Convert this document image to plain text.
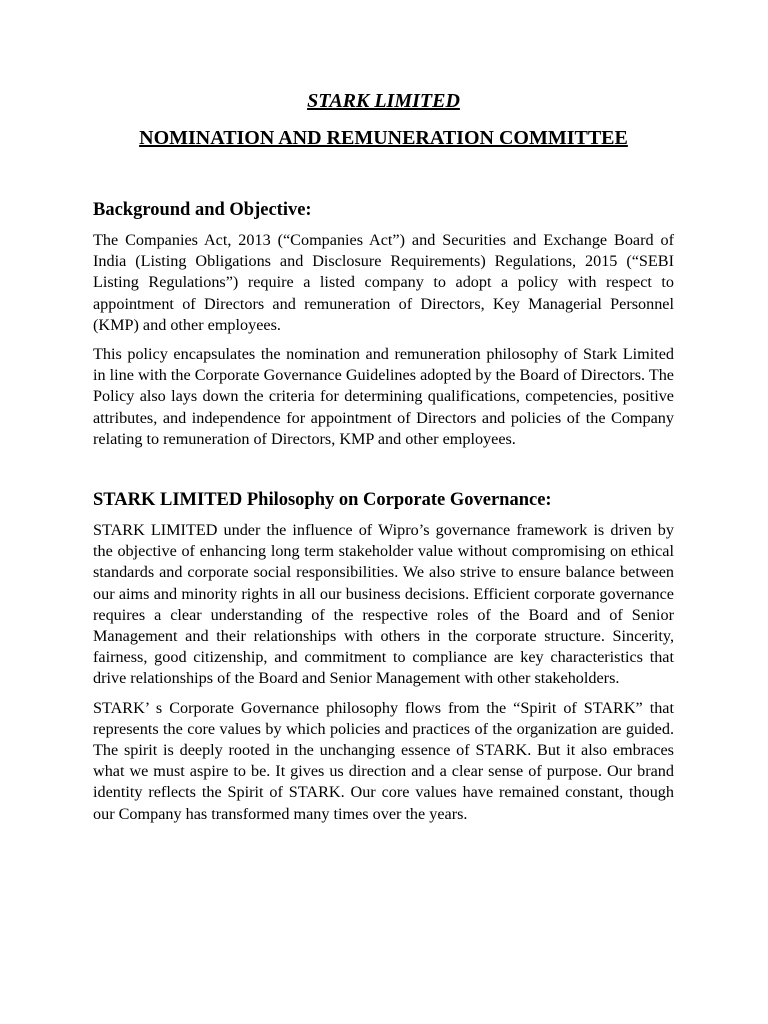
STARK LIMITED
NOMINATION AND REMUNERATION COMMITTEE
Background and Objective:

The Companies Act, 2013 (“Companies Act”) and Securities and Exchange Board of India (Listing Obligations and Disclosure Requirements) Regulations, 2015 (“SEBI Listing Regulations”) require a listed company to adopt a policy with respect to appointment of Directors and remuneration of Directors, Key Managerial Personnel (KMP) and other employees.

This policy encapsulates the nomination and remuneration philosophy of Stark Limited in line with the Corporate Governance Guidelines adopted by the Board of Directors. The Policy also lays down the criteria for determining qualifications, competencies, positive attributes, and independence for appointment of Directors and policies of the Company relating to remuneration of Directors, KMP and other employees.

STARK LIMITED Philosophy on Corporate Governance:

STARK LIMITED under the influence of Wipro’s governance framework is driven by the objective of enhancing long term stakeholder value without compromising on ethical standards and corporate social responsibilities. We also strive to ensure balance between our aims and minority rights in all our business decisions. Efficient corporate governance requires a clear understanding of the respective roles of the Board and of Senior Management and their relationships with others in the corporate structure. Sincerity, fairness, good citizenship, and commitment to compliance are key characteristics that drive relationships of the Board and Senior Management with other stakeholders.

STARK’ s Corporate Governance philosophy flows from the “Spirit of STARK” that represents the core values by which policies and practices of the organization are guided. The spirit is deeply rooted in the unchanging essence of STARK. But it also embraces what we must aspire to be. It gives us direction and a clear sense of purpose. Our brand identity reflects the Spirit of STARK. Our core values have remained constant, though our Company has transformed many times over the years.
